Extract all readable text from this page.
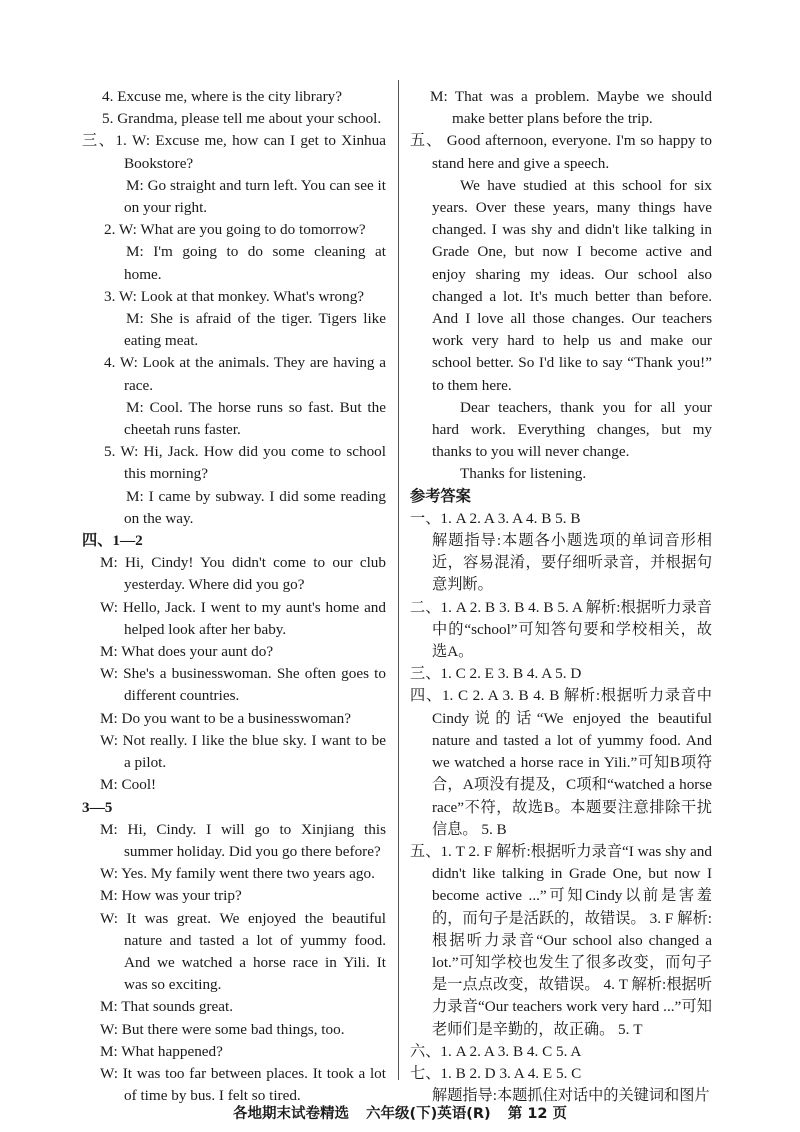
4. Excuse me, where is the city library?

5. Grandma, please tell me about your school.

三、1. W: Excuse me, how can I get to Xinhua Bookstore?

M: Go straight and turn left. You can see it on your right.

2. W: What are you going to do tomorrow?

M: I'm going to do some cleaning at home.

3. W: Look at that monkey. What's wrong?

M: She is afraid of the tiger. Tigers like eating meat.

4. W: Look at the animals. They are having a race.

M: Cool. The horse runs so fast. But the cheetah runs faster.

5. W: Hi, Jack. How did you come to school this morning?

M: I came by subway. I did some reading on the way.

四、1—2

M: Hi, Cindy! You didn't come to our club yesterday. Where did you go?

W: Hello, Jack. I went to my aunt's home and helped look after her baby.

M: What does your aunt do?

W: She's a businesswoman. She often goes to different countries.

M: Do you want to be a businesswoman?

W: Not really. I like the blue sky. I want to be a pilot.

M: Cool!

3—5

M: Hi, Cindy. I will go to Xinjiang this summer holiday. Did you go there before?

W: Yes. My family went there two years ago.

M: How was your trip?

W: It was great. We enjoyed the beautiful nature and tasted a lot of yummy food. And we watched a horse race in Yili. It was so exciting.

M: That sounds great.

W: But there were some bad things, too.

M: What happened?

W: It was too far between places. It took a lot of time by bus. I felt so tired.

M: That was a problem. Maybe we should make better plans before the trip.

五、 Good afternoon, everyone. I'm so happy to stand here and give a speech.

We have studied at this school for six years. Over these years, many things have changed. I was shy and didn't like talking in Grade One, but now I become active and enjoy sharing my ideas. Our school also changed a lot. It's much better than before. And I love all those changes. Our teachers work very hard to help us and make our school better. So I'd like to say “Thank you!” to them here.

Dear teachers, thank you for all your hard work. Everything changes, but my thanks to you will never change.

Thanks for listening.

参考答案

一、1. A 2. A 3. A 4. B 5. B

解题指导:本题各小题选项的单词音形相近，容易混淆，要仔细听录音，并根据句意判断。

二、1. A 2. B 3. B 4. B 5. A 解析:根据听力录音中的“school”可知答句要和学校相关，故选A。

三、1. C 2. E 3. B 4. A 5. D

四、1. C 2. A 3. B 4. B 解析:根据听力录音中Cindy说的话“We enjoyed the beautiful nature and tasted a lot of yummy food. And we watched a horse race in Yili.”可知B项符合，A项没有提及，C项和“watched a horse race”不符，故选B。本题要注意排除干扰信息。 5. B

五、1. T 2. F 解析:根据听力录音“I was shy and didn't like talking in Grade One, but now I become active ...”可知Cindy以前是害羞的，而句子是活跃的，故错误。 3. F 解析:根据听力录音“Our school also changed a lot.”可知学校也发生了很多改变，而句子是一点点改变，故错误。 4. T 解析:根据听力录音“Our teachers work very hard ...”可知老师们是辛勤的，故正确。 5. T

六、1. A 2. A 3. B 4. C 5. A

七、1. B 2. D 3. A 4. E 5. C

解题指导:本题抓住对话中的关键词和图片

各地期末试卷精选 六年级(下)英语(R) 第 12 页
